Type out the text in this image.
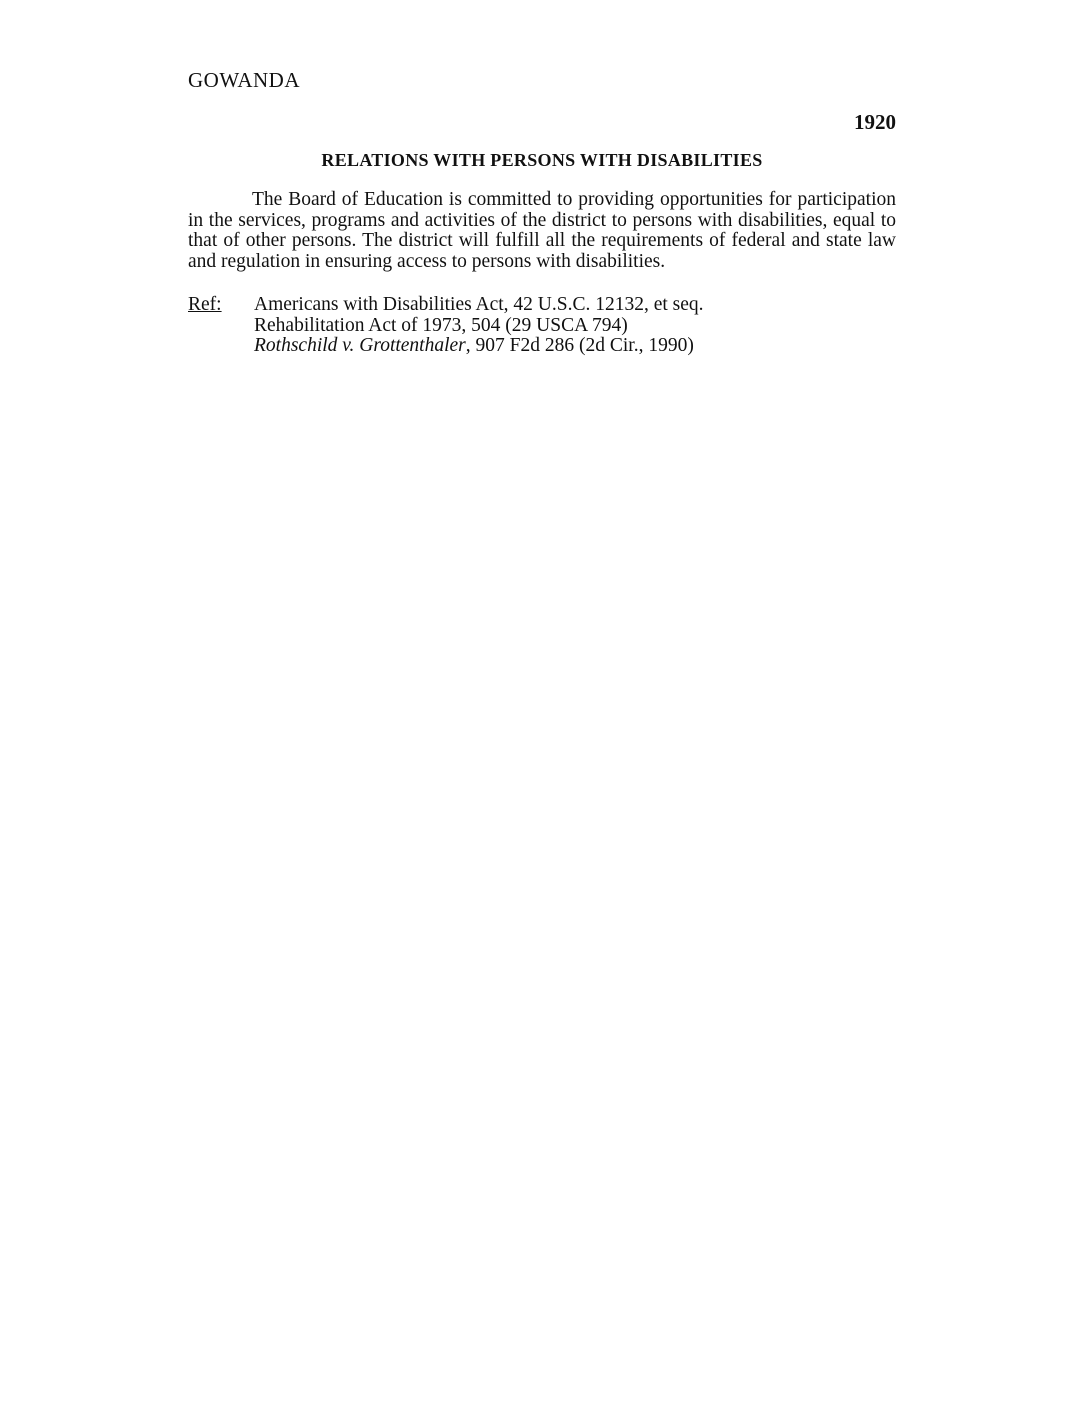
GOWANDA
1920
RELATIONS WITH PERSONS WITH DISABILITIES

The Board of Education is committed to providing opportunities for participation in the services, programs and activities of the district to persons with disabilities, equal to that of other persons. The district will fulfill all the requirements of federal and state law and regulation in ensuring access to persons with disabilities.

Ref: Americans with Disabilities Act, 42 U.S.C. 12132, et seq.
Rehabilitation Act of 1973, 504 (29 USCA 794)
Rothschild v. Grottenthaler, 907 F2d 286 (2d Cir., 1990)
